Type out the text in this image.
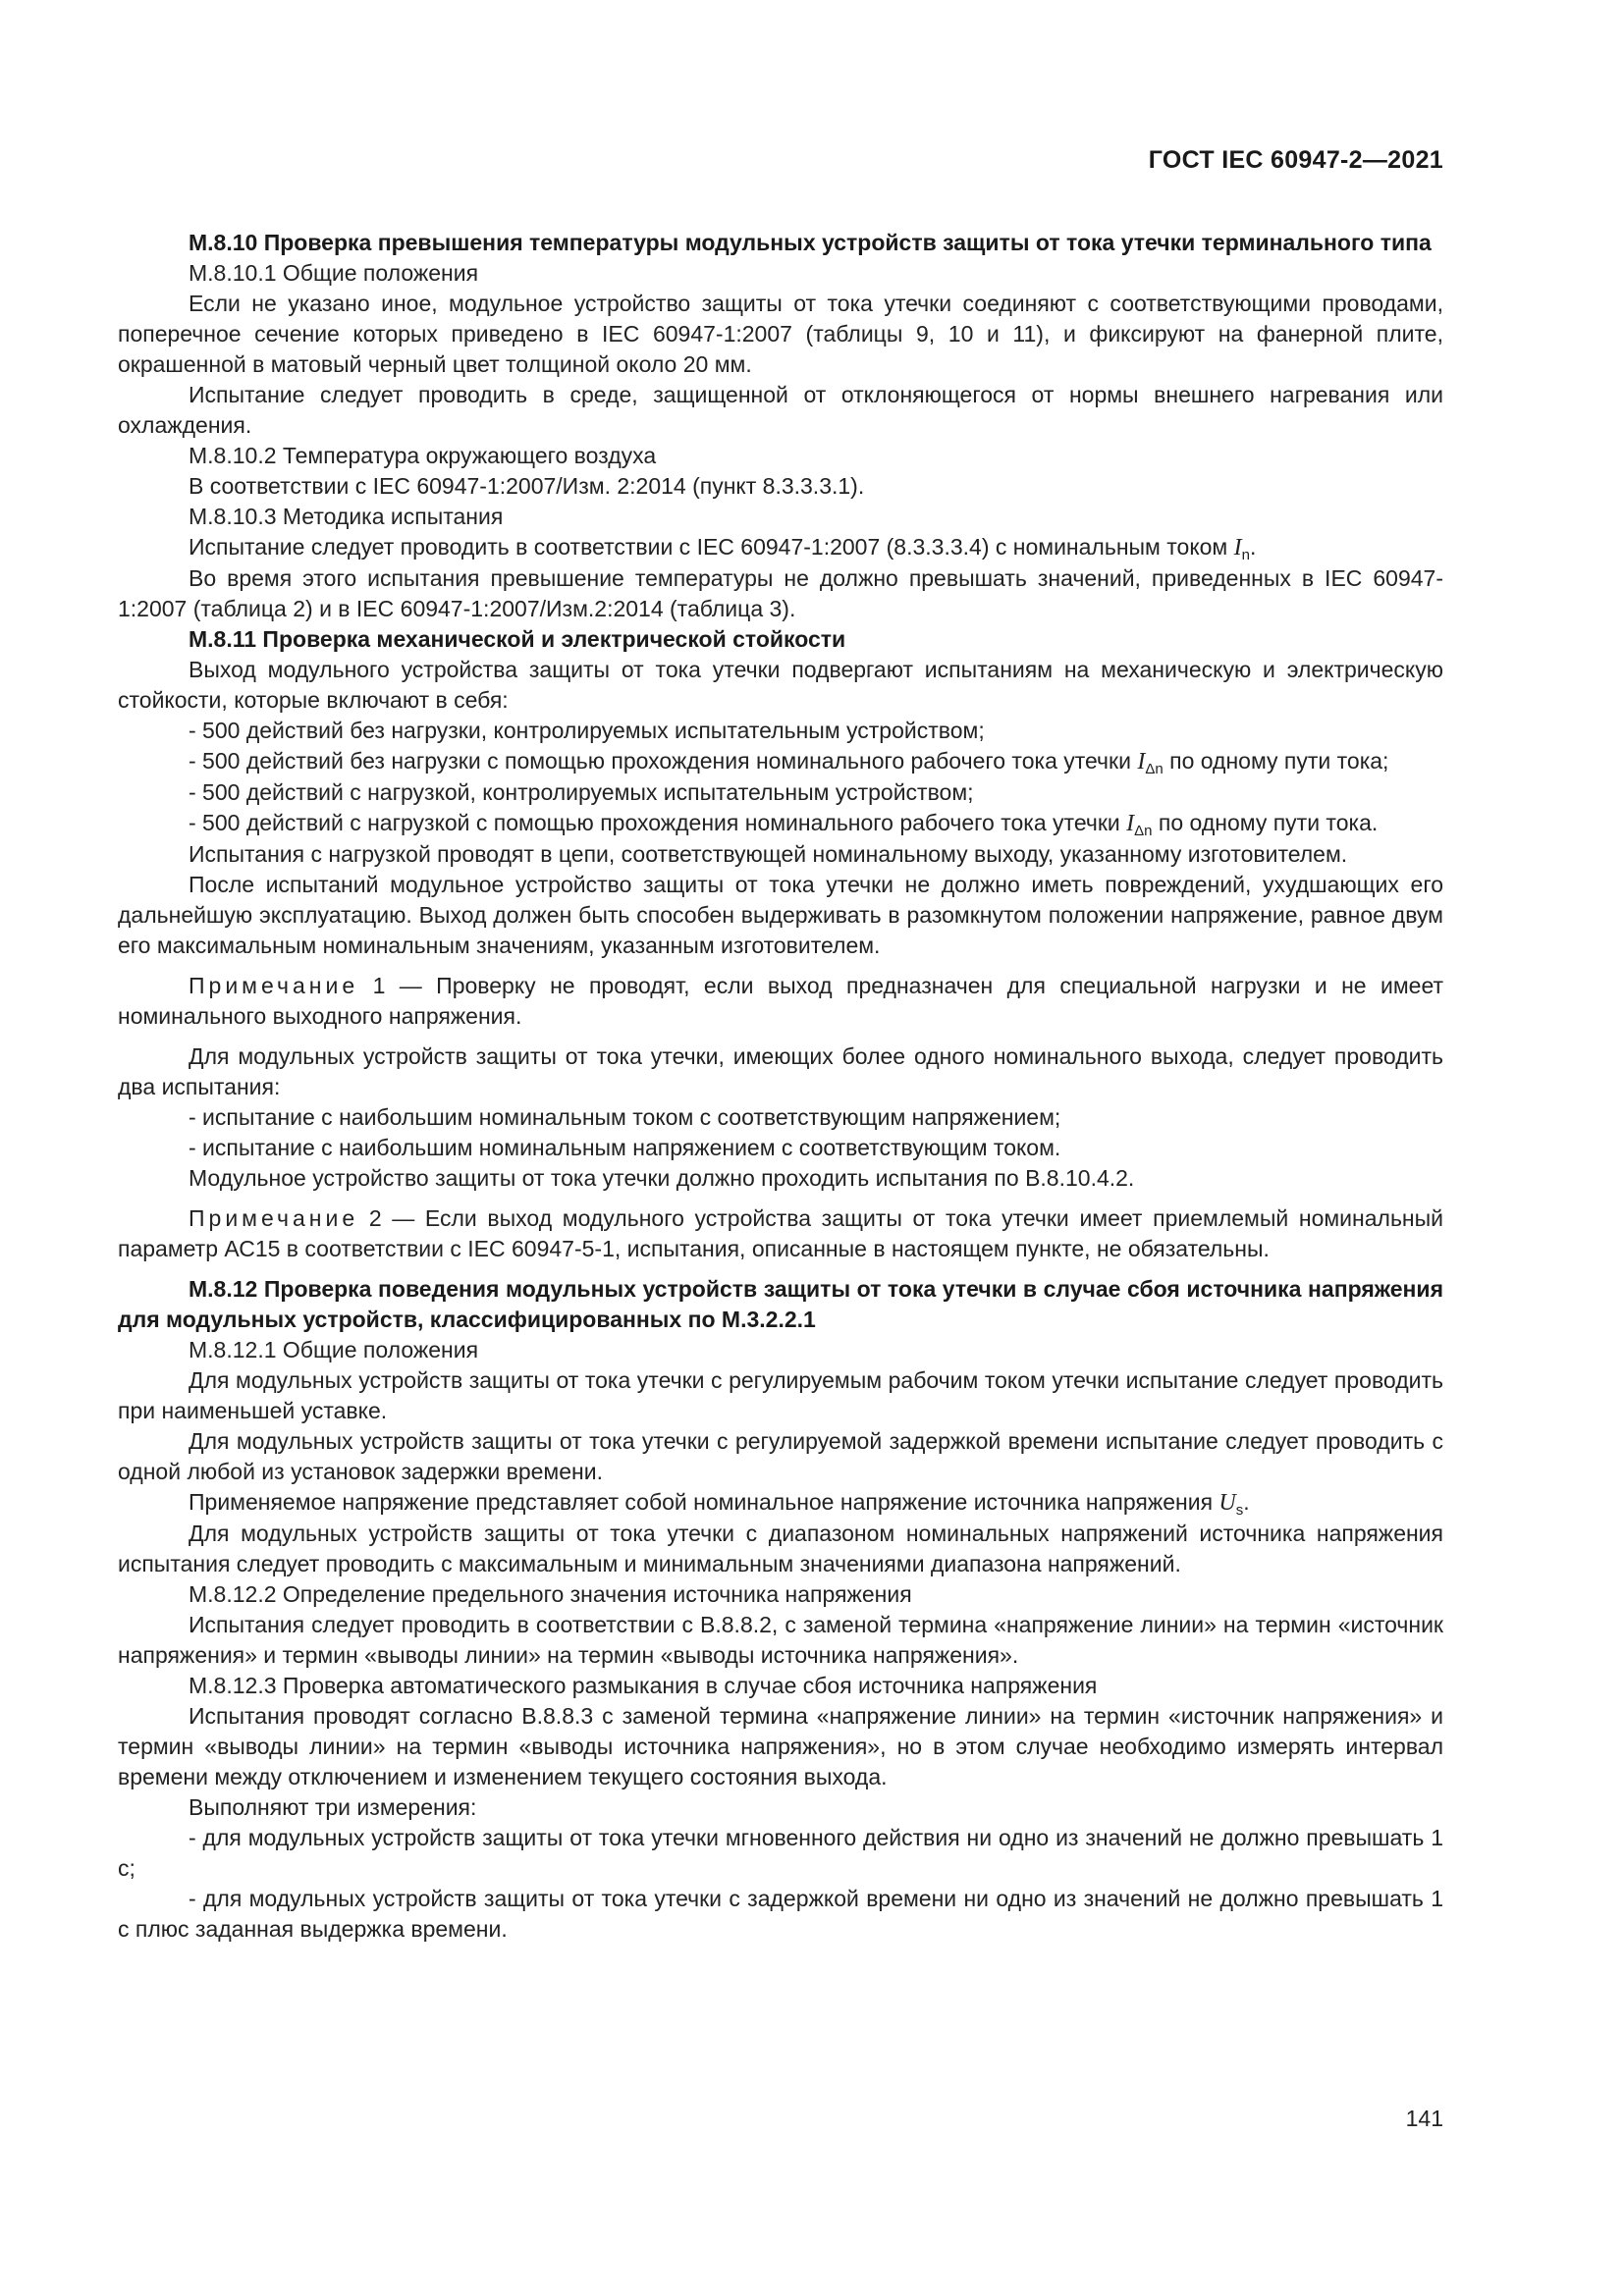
ГОСТ IEC 60947-2—2021

М.8.10 Проверка превышения температуры модульных устройств защиты от тока утечки терминального типа

М.8.10.1 Общие положения

Если не указано иное, модульное устройство защиты от тока утечки соединяют с соответствующими проводами, поперечное сечение которых приведено в IEC 60947-1:2007 (таблицы 9, 10 и 11), и фиксируют на фанерной плите, окрашенной в матовый черный цвет толщиной около 20 мм.

Испытание следует проводить в среде, защищенной от отклоняющегося от нормы внешнего нагревания или охлаждения.

М.8.10.2 Температура окружающего воздуха

В соответствии с IEC 60947-1:2007/Изм. 2:2014 (пункт 8.3.3.3.1).

М.8.10.3 Методика испытания

Испытание следует проводить в соответствии с IEC 60947-1:2007 (8.3.3.3.4) с номинальным током $I_n$.

Во время этого испытания превышение температуры не должно превышать значений, приведенных в IEC 60947-1:2007 (таблица 2) и в IEC 60947-1:2007/Изм.2:2014 (таблица 3).

М.8.11 Проверка механической и электрической стойкости

Выход модульного устройства защиты от тока утечки подвергают испытаниям на механическую и электрическую стойкости, которые включают в себя:

- 500 действий без нагрузки, контролируемых испытательным устройством;

- 500 действий без нагрузки с помощью прохождения номинального рабочего тока утечки $I_{\Delta n}$ по одному пути тока;

- 500 действий с нагрузкой, контролируемых испытательным устройством;

- 500 действий с нагрузкой с помощью прохождения номинального рабочего тока утечки $I_{\Delta n}$ по одному пути тока.

Испытания с нагрузкой проводят в цепи, соответствующей номинальному выходу, указанному изготовителем.

После испытаний модульное устройство защиты от тока утечки не должно иметь повреждений, ухудшающих его дальнейшую эксплуатацию. Выход должен быть способен выдерживать в разомкнутом положении напряжение, равное двум его максимальным номинальным значениям, указанным изготовителем.

Примечание 1 — Проверку не проводят, если выход предназначен для специальной нагрузки и не имеет номинального выходного напряжения.

Для модульных устройств защиты от тока утечки, имеющих более одного номинального выхода, следует проводить два испытания:

- испытание с наибольшим номинальным током с соответствующим напряжением;

- испытание с наибольшим номинальным напряжением с соответствующим током.

Модульное устройство защиты от тока утечки должно проходить испытания по В.8.10.4.2.

Примечание 2 — Если выход модульного устройства защиты от тока утечки имеет приемлемый номинальный параметр АС15 в соответствии с IEC 60947-5-1, испытания, описанные в настоящем пункте, не обязательны.

М.8.12 Проверка поведения модульных устройств защиты от тока утечки в случае сбоя источника напряжения для модульных устройств, классифицированных по М.3.2.2.1

М.8.12.1 Общие положения

Для модульных устройств защиты от тока утечки с регулируемым рабочим током утечки испытание следует проводить при наименьшей уставке.

Для модульных устройств защиты от тока утечки с регулируемой задержкой времени испытание следует проводить с одной любой из установок задержки времени.

Применяемое напряжение представляет собой номинальное напряжение источника напряжения $U_s$.

Для модульных устройств защиты от тока утечки с диапазоном номинальных напряжений источника напряжения испытания следует проводить с максимальным и минимальным значениями диапазона напряжений.

М.8.12.2 Определение предельного значения источника напряжения

Испытания следует проводить в соответствии с В.8.8.2, с заменой термина «напряжение линии» на термин «источник напряжения» и термин «выводы линии» на термин «выводы источника напряжения».

М.8.12.3 Проверка автоматического размыкания в случае сбоя источника напряжения

Испытания проводят согласно В.8.8.3 с заменой термина «напряжение линии» на термин «источник напряжения» и термин «выводы линии» на термин «выводы источника напряжения», но в этом случае необходимо измерять интервал времени между отключением и изменением текущего состояния выхода.

Выполняют три измерения:

- для модульных устройств защиты от тока утечки мгновенного действия ни одно из значений не должно превышать 1 с;

- для модульных устройств защиты от тока утечки с задержкой времени ни одно из значений не должно превышать 1 с плюс заданная выдержка времени.

141
